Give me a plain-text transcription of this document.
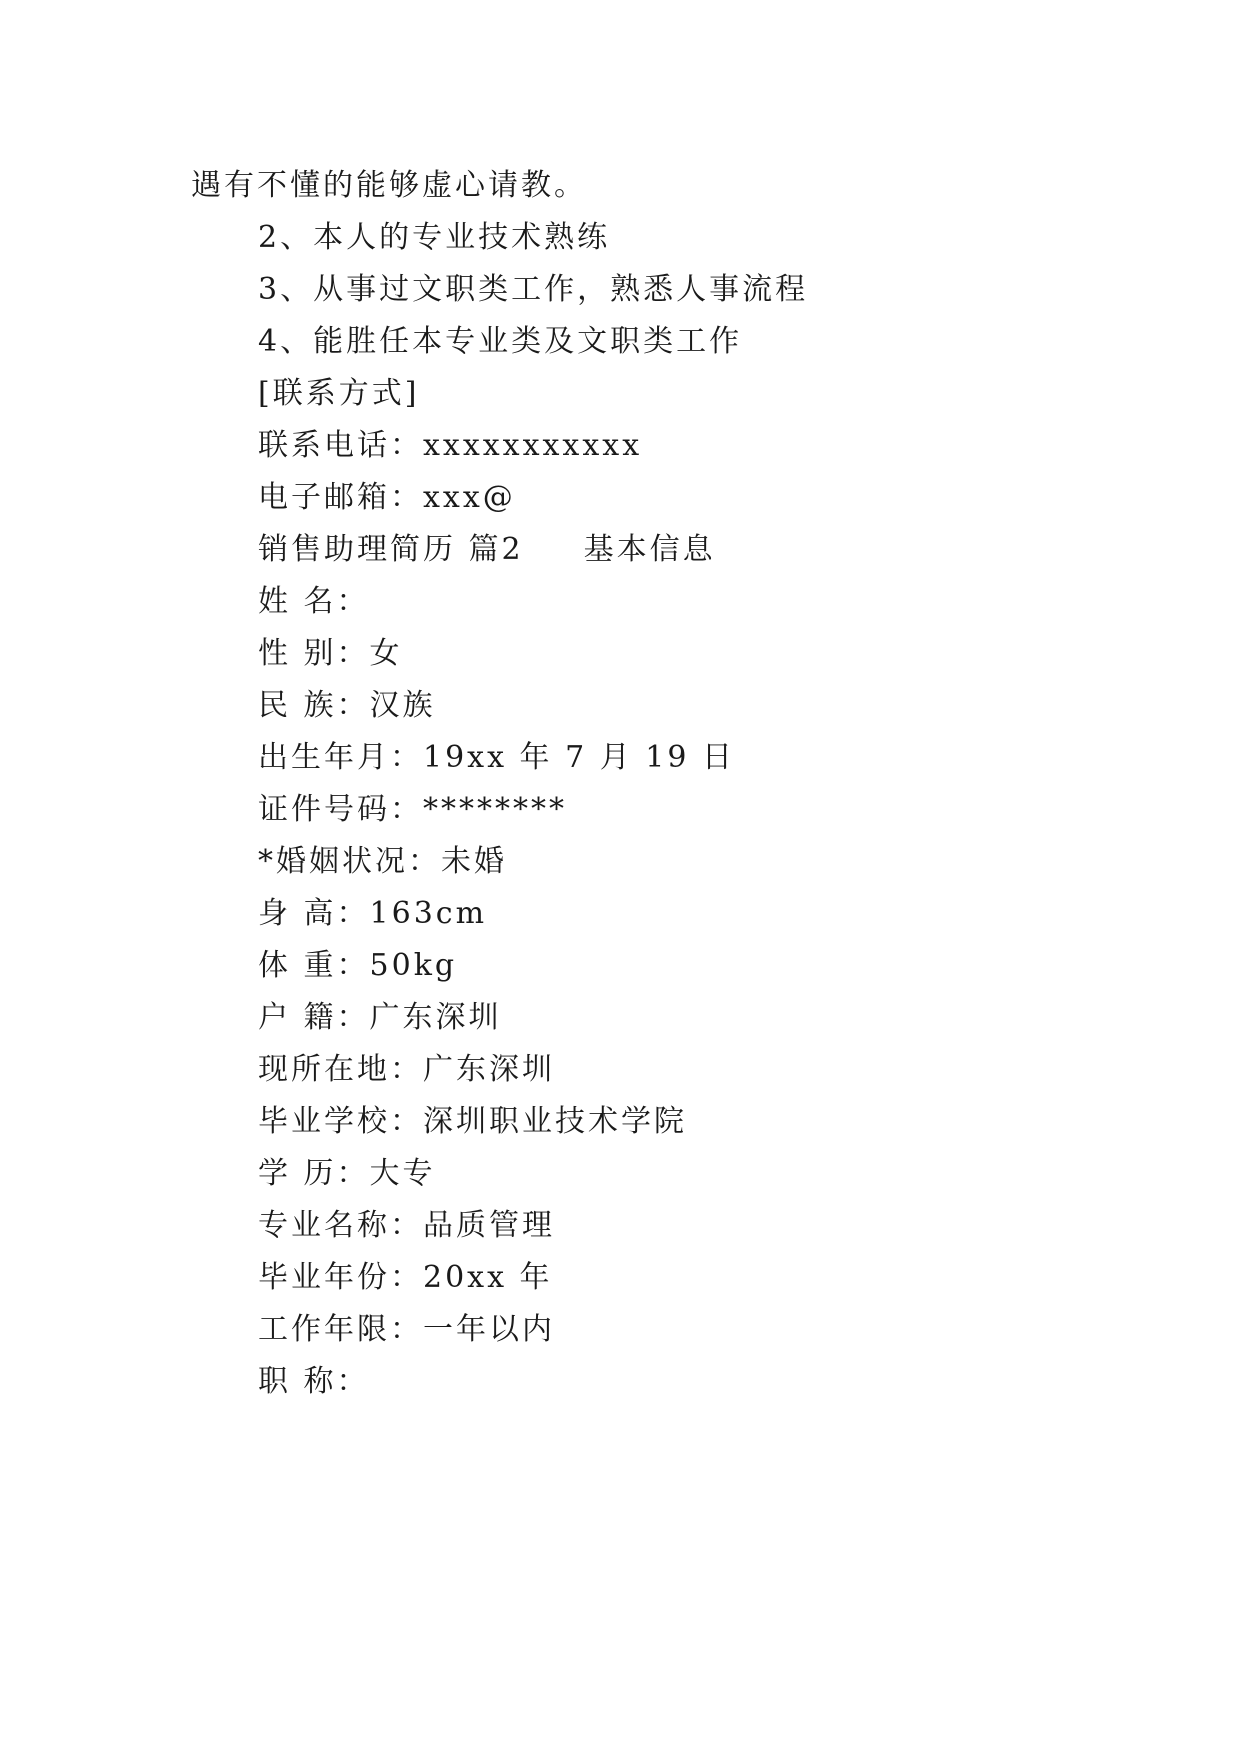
遇有不懂的能够虚心请教。
2、本人的专业技术熟练
3、从事过文职类工作，熟悉人事流程
4、能胜任本专业类及文职类工作
[联系方式]
联系电话：xxxxxxxxxxx
电子邮箱：xxx@
销售助理简历 篇2 基本信息
姓 名：
性 别：女
民 族：汉族
出生年月：19xx 年 7 月 19 日
证件号码：********
*婚姻状况：未婚
身 高：163cm
体 重：50kg
户 籍：广东深圳
现所在地：广东深圳
毕业学校：深圳职业技术学院
学 历：大专
专业名称：品质管理
毕业年份：20xx 年
工作年限：一年以内
职 称：
